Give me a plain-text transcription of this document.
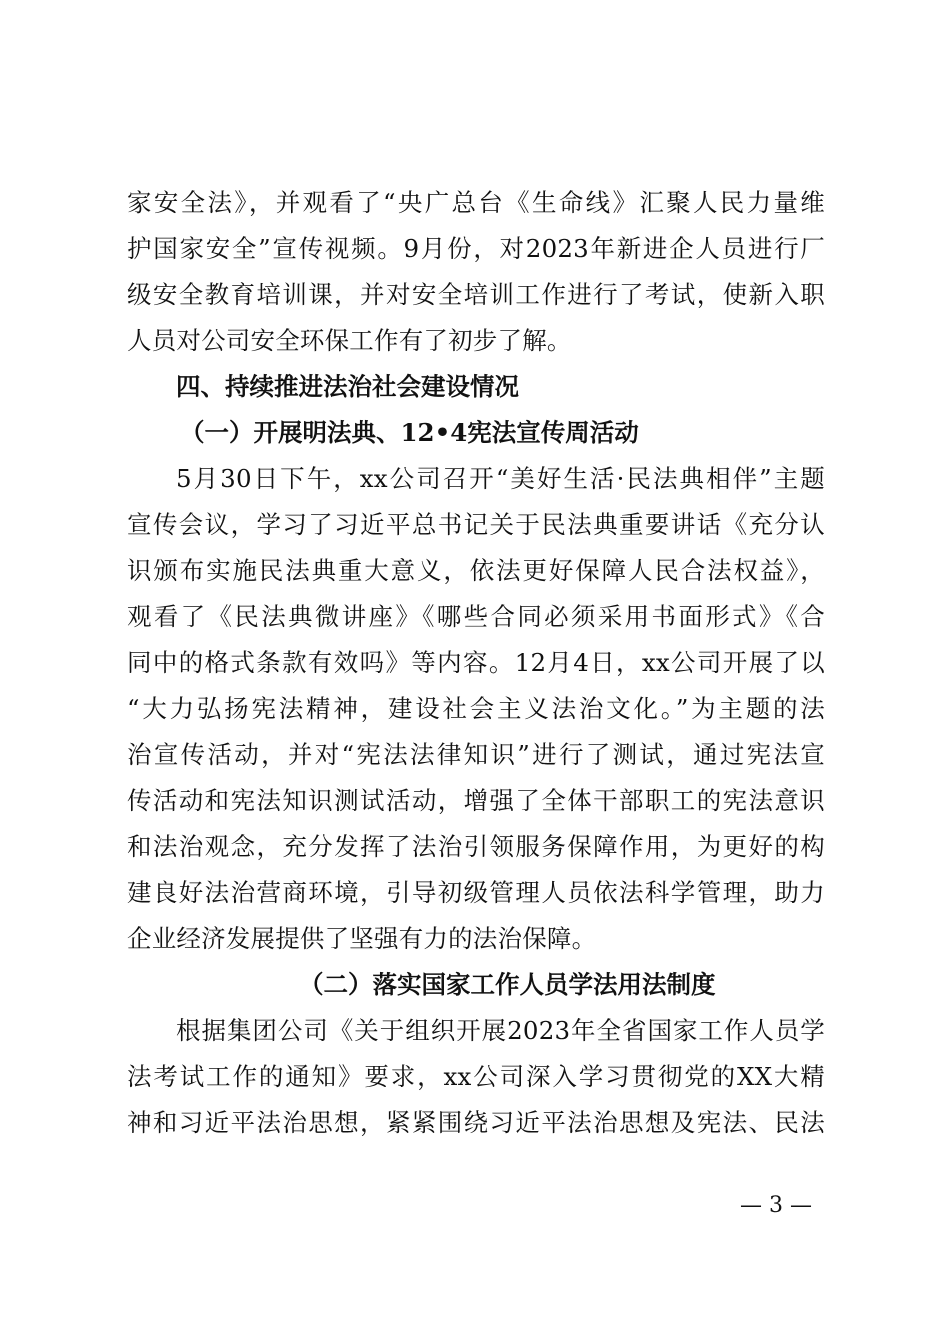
家安全法》，并观看了“央广总台《生命线》汇聚人民力量维
护国家安全”宣传视频。9月份，对2023年新进企人员进行厂
级安全教育培训课，并对安全培训工作进行了考试，使新入职
人员对公司安全环保工作有了初步了解。
四、持续推进法治社会建设情况
（一）开展明法典、12•4宪法宣传周活动
5月30日下午，xx公司召开“美好生活·民法典相伴”主题
宣传会议，学习了习近平总书记关于民法典重要讲话《充分认
识颁布实施民法典重大意义，依法更好保障人民合法权益》，
观看了《民法典微讲座》《哪些合同必须采用书面形式》《合
同中的格式条款有效吗》等内容。12月4日，xx公司开展了以
“大力弘扬宪法精神，建设社会主义法治文化。”为主题的法
治宣传活动，并对“宪法法律知识”进行了测试，通过宪法宣
传活动和宪法知识测试活动，增强了全体干部职工的宪法意识
和法治观念，充分发挥了法治引领服务保障作用，为更好的构
建良好法治营商环境，引导初级管理人员依法科学管理，助力
企业经济发展提供了坚强有力的法治保障。
（二）落实国家工作人员学法用法制度
根据集团公司《关于组织开展2023年全省国家工作人员学
法考试工作的通知》要求，xx公司深入学习贯彻党的XX大精
神和习近平法治思想，紧紧围绕习近平法治思想及宪法、民法
— 3 —
